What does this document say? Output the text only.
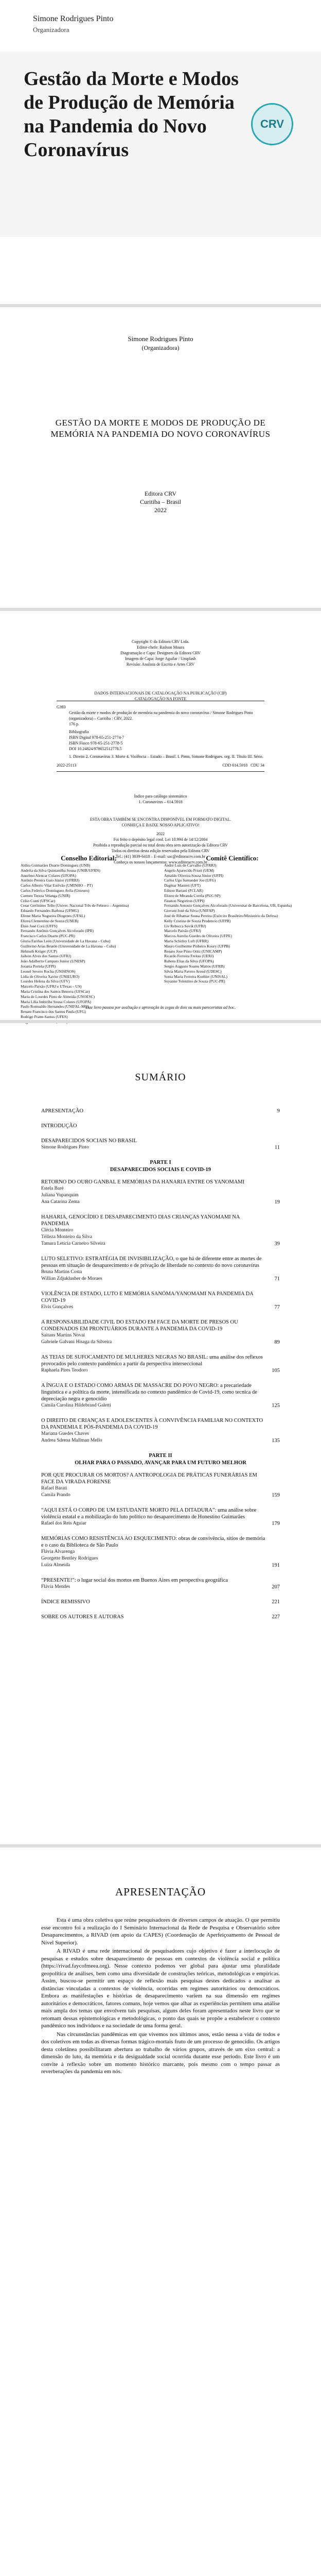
Simone Rodrigues Pinto
Organizadora
Gestão da Morte e Modos de Produção de Memória na Pandemia do Novo Coronavírus
CRV
Simone Rodrigues Pinto
(Organizadora)
GESTÃO DA MORTE E MODOS DE PRODUÇÃO DE MEMÓRIA NA PANDEMIA DO NOVO CORONAVÍRUS
Editora CRV
Curitiba – Brasil
2022
Copyright © da Editora CRV Ltda.
Editor-chefe: Railson Moura
Diagramação e Capa: Designers da Editora CRV
Imagem de Capa: Jorge Aguilar / Unsplash
Revisão: Analista de Escrita e Artes CRV
DADOS INTERNACIONAIS DE CATALOGAÇÃO NA PUBLICAÇÃO (CIP)
CATALOGAÇÃO NA FONTE
G393
Gestão da morte e modos de produção de memória na pandemia do novo coronavírus / Simone Rodrigues Pinto (organizadora) – Curitiba : CRV, 2022.
176 p.
Bibliografia
ISBN Digital 978-65-251-2774-7
ISBN Físico 978-65-251-2778-5
DOI 10.24824/978652512778.5
1. Direito 2. Coronavírus 3. Morte 4. Violência – Estado – Brasil. I. Pinto, Simone Rodrigues. org. II. Título III. Série.
2022-25113	CDD 614.5918 CDU 34
Índice para catálogo sistemático
1. Coronavírus – 614.5918
ESTA OBRA TAMBÉM SE ENCONTRA DISPONÍVEL EM FORMATO DIGITAL.
CONHEÇA E BAIXE NOSSO APLICATIVO!
2022
Foi feito o depósito legal conf. Lei 10.994 de 14/12/2004
Proibida a reprodução parcial ou total desta obra sem autorização da Editora CRV
Todos os direitos desta edição reservados pela Editora CRV
Tel.: (41) 3039-6418 – E-mail: sac@editoracrv.com.br
Conheça os nossos lançamentos: www.editoracrv.com.br
Conselho Editorial:
Aldira Guimarães Duarte Domínguez (UNB)
Andréia da Silva Quintanilha Sousa (UNIR/UFRN)
Anselmo Alencar Colares (UFOPA)
Antônio Pereira Gaio Júnior (UFRRJ)
Carlos Alberto Vilar Estêvão (UMINHO – PT)
Carlos Federico Dominguez Avila (Unieuro)
Carmen Tereza Velanga (UNIR)
Celso Conti (UFSCar)
Cesar Gerônimo Tello (Univer. Nacional Três de Febrero – Argentina)
Eduardo Fernandes Barbosa (UFMG)
Elione Maria Nogueira Diogenes (UFAL)
Elizeu Clementino de Souza (UNEB)
Élsio José Corá (UFFS)
Fernando Antônio Gonçalves Alcoforado (IPB)
Francisco Carlos Duarte (PUC-PR)
Gloria Fariñas León (Universidade de La Havana – Cuba)
Guillermo Arias Beatón (Universidade de La Havana – Cuba)
Helmuth Krüger (UCP)
Jailson Alves dos Santos (UFRJ)
João Adalberto Campato Junior (UNESP)
Josania Portela (UFPI)
Leonel Severo Rocha (UNISINOS)
Lídia de Oliveira Xavier (UNIEURO)
Lourdes Helena da Silva (UFV)
Marcelo Paixão (UFRJ e UTexas – US)
Maria Cristina dos Santos Bezerra (UFSCar)
Maria de Lourdes Pinto de Almeida (UNOESC)
Maria Lília Imbiriba Sousa Colares (UFOPA)
Paulo Romualdo Hernandes (UNIFAL-MG)
Renato Francisco dos Santos Paula (UFG)
Rodrigo Pratte-Santos (UFES)
Comitê Científico:
André Luís de Carvalho (UFRRJ)
Angelo Aparecido Priori (UEM)
Arnaldo Oliveira Souza Júnior (UFPI)
Carlos Ugo Santander Joo (UFG)
Dagmar Manieri (UFT)
Edison Bariani (FCLAR)
Elizeu de Miranda Corrêa (PUC/SP)
Fauston Negreiros (UFPI)
Fernando Antonio Gonçalves Alcoforado (Universitat de Barcelona, UB, Espanha)
Giovani José da Silva (UNIFAP)
José de Ribamar Sousa Pereira (Exército Brasileiro/Ministério da Defesa)
Kelly Cristina de Souza Prudencio (UFPR)
Liv Rebecca Sovik (UFRJ)
Marcelo Paixão (UFRJ)
Marcos Aurelio Guedes de Oliveira (UFPE)
Maria Schirley Luft (UFRR)
Mauro Guilherme Pinheiro Koury (UFPB)
Renato Jose Pinto Ortiz (UNICAMP)
Ricardo Ferreira Freitas (UERJ)
Rubens Elias da Silva (UFOPA)
Sergio Augusto Soares Mattos (UFRB)
Silvia Maria Favero Arend (UDESC)
Sonia Maria Ferreira Koehler (UNISAL)
Suyanne Tolentino de Souza (PUC-PR)
Este livro passou por avaliação e aprovação às cegas de dois ou mais pareceristas ad hoc.
SUMÁRIO
APRESENTAÇÃO	9
INTRODUÇÃO
DESAPARECIDOS SOCIAIS NO BRASIL
Simone Rodrigues Pinto	11
PARTE I
DESAPARECIDOS SOCIAIS E COVID-19
RETORNO DO OURO GANBAL E MEMÓRIAS DA HANARIA ENTRE OS YANOMAMI
Estela Baré
Juliana Yupanquim
Ana Catarina Zema	19
HAHARIA, GENOCÍDIO E DESAPARECIMENTO DIAS CRIANÇAS YANOMAMI NA PANDEMIA
Clécia Monteiro
Télleza Monteiro da Silva
Tamara Letícia Carneiro Silveira	39
LUTO SELETIVO: ESTRATÉGIA DE INVISIBILIZAÇÃO, o que há de diferente entre as mortes de pessoas em situação de desaparecimento e de privação de liberdade no contexto do novo coronavírus
Bruna Martins Costa
Willian Zdjuklusher de Moraes	71
VIOLÊNCIA DE ESTADO, LUTO E MEMÓRIA SANÖMA/YANOMAMI NA PANDEMIA DA COVID-19
Elvis Gonçalves	77
A RESPONSABILIDADE CIVIL DO ESTADO EM FACE DA MORTE DE PRESOS OU CONDENADOS EM PRONTUÁRIOS DURANTE A PANDEMIA DA COVID-19
Saitans Martins Novai
Gabriele Galvani Hisaga da Silveira	89
AS TEIAS DE SUFOCAMENTO DE MULHERES NEGRAS NO BRASIL: uma análise dos reflexos provocados pelo contexto pandêmico a partir da perspectiva interseccional
Raphaela Pires Teodoro	105
A ÍNGUA E O ESTADO COMO ARMAS DE MASSACRE DO POVO NEGRO: a precariedade linguística e a política da morte, intensificada no contexto pandêmico de Covid-19, como tecnica de depreciação negra e genocídio
Camila Carolina Hildebrand Galetti	125
O DIREITO DE CRIANÇAS E ADOLESCENTES À CONVIVÊNCIA FAMILIAR NO CONTEXTO DA PANDEMIA E PÓS-PANDEMIA DA COVID-19
Mariana Guedes Chaves
Andrea Sdrena Mallman Mello	135
PARTE II
OLHAR PARA O PASSADO, AVANÇAR PARA UM FUTURO MELHOR
POR QUE PROCURAR OS MORTOS? A ANTROPOLOGIA DE PRÁTICAS FUNERÁRIAS EM FACE DA VIRADA FORENSE
Rafael Barati
Camila Prando	159
“AQUI ESTÁ O CORPO DE UM ESTUDANTE MORTO PELA DITADURA”: uma análise sobre violência estatal e a mobilização do luto político no desaparecimento de Honestino Guimarães
Rafael dos Reis Aguiar	179
MEMÓRIAS COMO RESISTÊNCIA AO ESQUECIMENTO: obras de convivência, sítios de memória e o caso da Biblioteca de São Paulo
Flávia Alvarenga
Georgette Bentley Rodrigues
Luíza Almeida	191
“PRESENTE!”: o lugar social dos mortos em Buenos Aires em perspectiva geográfica
Flávia Mendes	207
ÍNDICE REMISSIVO	221
SOBRE OS AUTORES E AUTORAS	227
APRESENTAÇÃO

Esta é uma obra coletiva que reúne pesquisadores de diversos campos de atuação. O que permitiu esse encontro foi a realização do I Seminário Internacional da Rede de Pesquisa e Observatório sobre Desaparecimentos, a RIVAD (em apoio da CAPES) (Coordenação de Aperfeiçoamento de Pessoal de Nível Superior).

A RIVAD é uma rede internacional de pesquisadores cujo objetivo é fazer a interlocução de pesquisas e estudos sobre desaparecimento de pessoas em contextos de violência social e política (https://rivad.faycofmeea.org). Nesse contexto podemos ver global para ajustar uma pluralidade geopolítica de análises, bem como uma diversidade de construções teóricas, metodológicas e empíricas. Assim, buscou-se permitir um espaço de reflexão mais pesquisas destes dedicados a analisar as distâncias vinculadas a contextos de violência, ocorridas em regimes autoritários ou democráticos. Embora as manifestações e histórias de desaparecimento variem na sua dimensão em regimes autoritários e democráticos, fatores comuns, hoje vemos que alhar as experiências permitem uma análise mais ampla dos temas que envolvem tais pesquisas, alguns deles foram apresentados neste livro que se retomam dessas epistemológicas e metodológicas, o ponto das quais se propõe a estabelecer o contexto pandêmico nos indivíduos e na sociedade de uma forma geral.

Nas circunstâncias pandêmicas em que vivemos nos últimos anos, estão nessa a vida de todos e dos coletivos em todas as diversas formas trágico-mortais fruto de um processo de genocídio. Os artigos desta coletânea possibilitaram abertura ao trabalho de vários grupos, através de um eixo central: a dimensão do luto, da memória e da desigualdade social ocorrida durante esse período. Este livro é um convite à reflexão sobre um momento histórico marcante, pois mesmo com o tempo passar as reverberações da pandemia em nós.
